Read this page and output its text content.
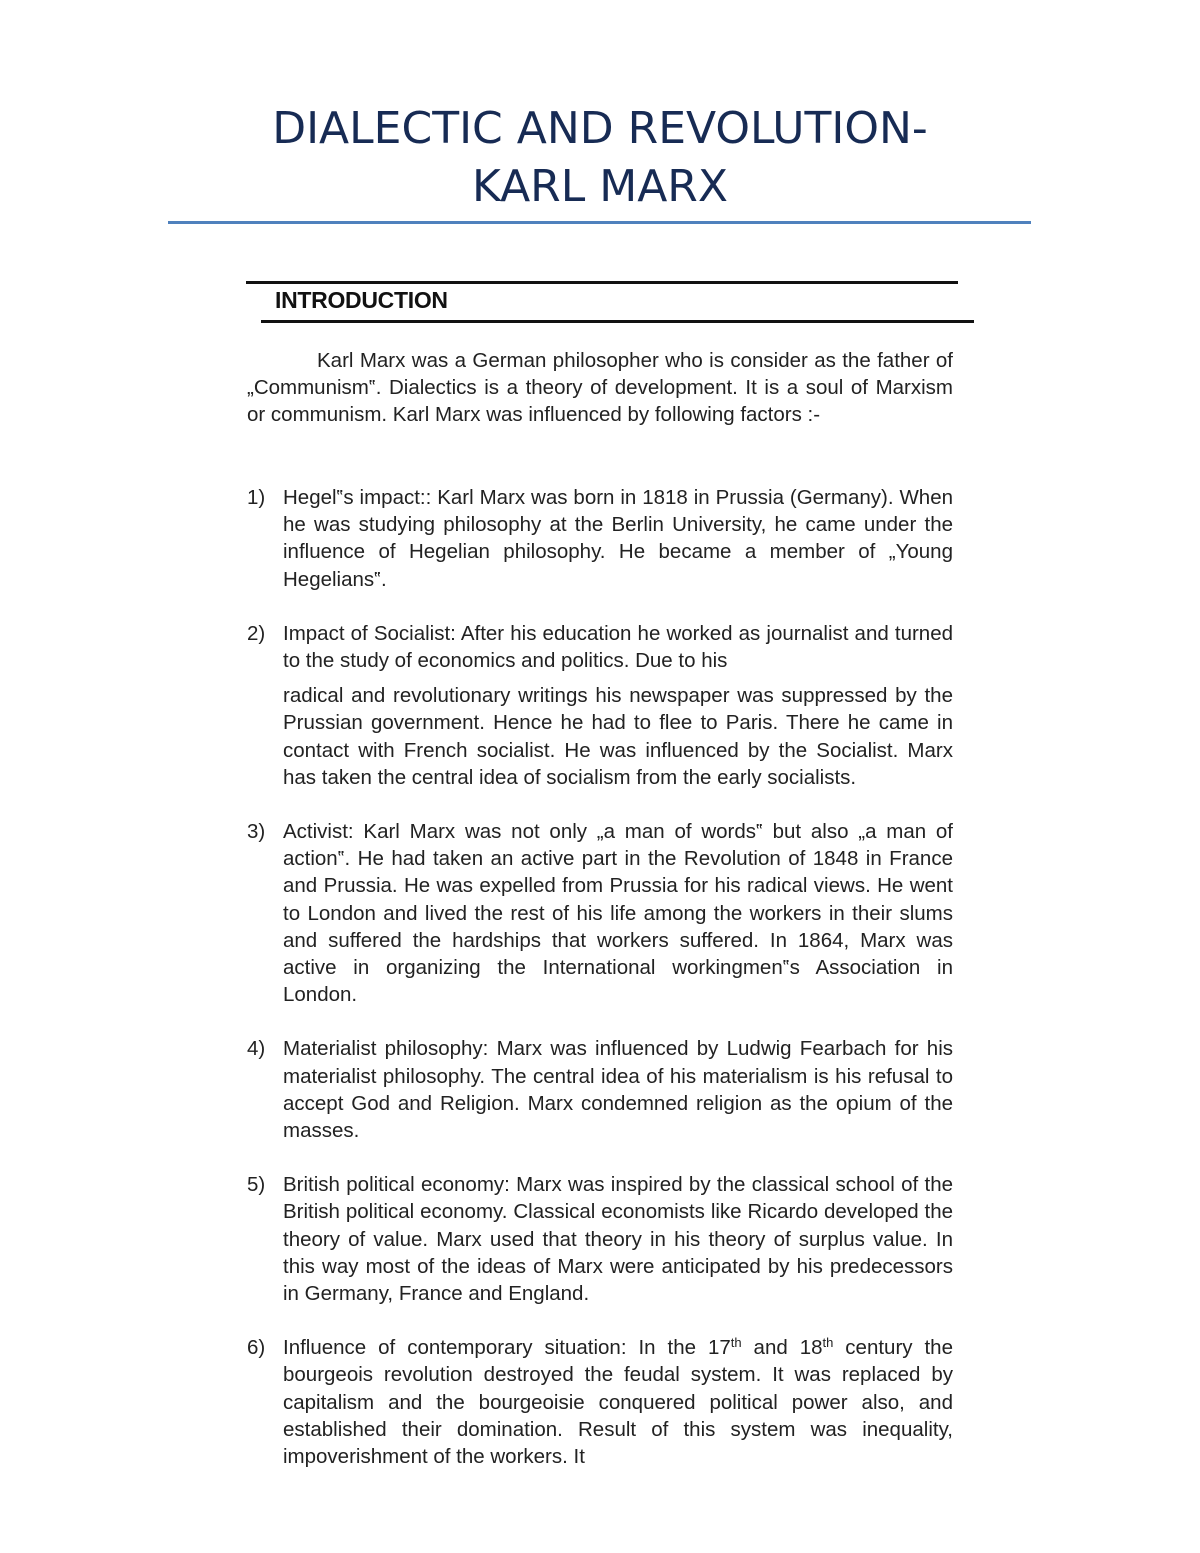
DIALECTIC AND REVOLUTION-
KARL MARX
INTRODUCTION

Karl Marx was a German philosopher who is consider as the father of „Communism‟. Dialectics is a theory of development. It is a soul of Marxism or communism. Karl Marx was influenced by following factors :-

1) Hegel‟s impact:: Karl Marx was born in 1818 in Prussia (Germany). When he was studying philosophy at the Berlin University, he came under the influence of Hegelian philosophy. He became a member of „Young Hegelians‟.
2) Impact of Socialist: After his education he worked as journalist and turned to the study of economics and politics. Due to his
radical and revolutionary writings his newspaper was suppressed by the Prussian government. Hence he had to flee to Paris. There he came in contact with French socialist. He was influenced by the Socialist. Marx has taken the central idea of socialism from the early socialists.
3) Activist: Karl Marx was not only „a man of words‟ but also „a man of action‟. He had taken an active part in the Revolution of 1848 in France and Prussia. He was expelled from Prussia for his radical views. He went to London and lived the rest of his life among the workers in their slums and suffered the hardships that workers suffered. In 1864, Marx was active in organizing the International workingmen‟s Association in London.
4) Materialist philosophy: Marx was influenced by Ludwig Fearbach for his materialist philosophy. The central idea of his materialism is his refusal to accept God and Religion. Marx condemned religion as the opium of the masses.
5) British political economy: Marx was inspired by the classical school of the British political economy. Classical economists like Ricardo developed the theory of value. Marx used that theory in his theory of surplus value. In this way most of the ideas of Marx were anticipated by his predecessors in Germany, France and England.
6) Influence of contemporary situation: In the 17th and 18th century the bourgeois revolution destroyed the feudal system. It was replaced by capitalism and the bourgeoisie conquered political power also, and established their domination. Result of this system was inequality, impoverishment of the workers. It
